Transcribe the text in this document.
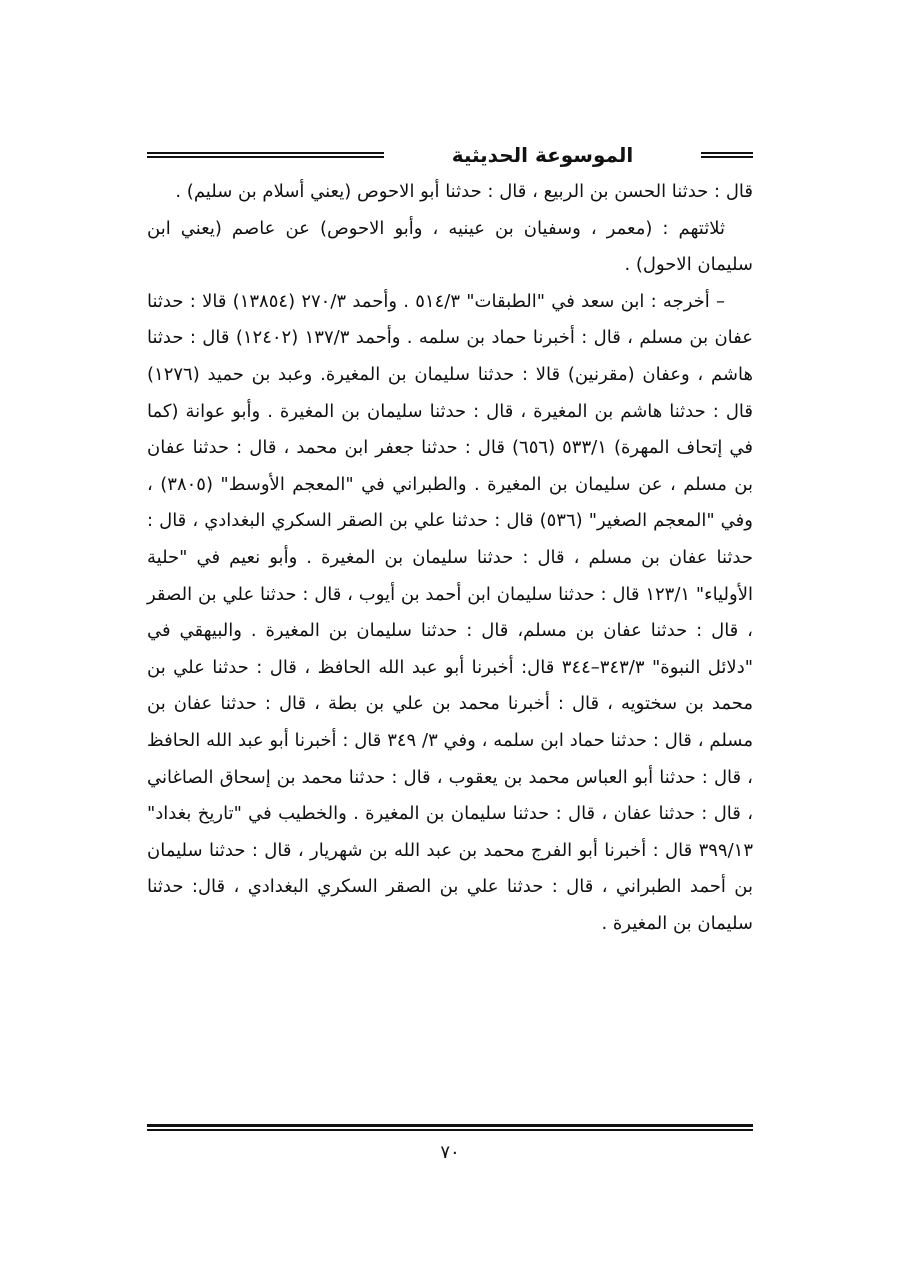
الموسوعة الحديثية

قال : حدثنا الحسن بن الربيع ، قال : حدثنا أبو الاحوص (يعني أسلام بن سليم) .

ثلاثتهم : (معمر ، وسفيان بن عينيه ، وأبو الاحوص) عن عاصم (يعني ابن سليمان الاحول) .

– أخرجه : ابن سعد في "الطبقات" ٥١٤/٣ . وأحمد ٢٧٠/٣ (١٣٨٥٤) قالا : حدثنا عفان بن مسلم ، قال : أخبرنا حماد بن سلمه . وأحمد ١٣٧/٣ (١٢٤٠٢) قال : حدثنا هاشم ، وعفان (مقرنين) قالا : حدثنا سليمان بن المغيرة. وعبد بن حميد (١٢٧٦) قال : حدثنا هاشم بن المغيرة ، قال : حدثنا سليمان بن المغيرة . وأبو عوانة (كما في إتحاف المهرة) ٥٣٣/١ (٦٥٦) قال : حدثنا جعفر ابن محمد ، قال : حدثنا عفان بن مسلم ، عن سليمان بن المغيرة . والطبراني في "المعجم الأوسط" (٣٨٠٥) ، وفي "المعجم الصغير" (٥٣٦) قال : حدثنا علي بن الصقر السكري البغدادي ، قال : حدثنا عفان بن مسلم ، قال : حدثنا سليمان بن المغيرة . وأبو نعيم في "حلية الأولياء" ١٢٣/١ قال : حدثنا سليمان ابن أحمد بن أيوب ، قال : حدثنا علي بن الصقر ، قال : حدثنا عفان بن مسلم، قال : حدثنا سليمان بن المغيرة . والبيهقي في "دلائل النبوة" ٣٤٣/٣–٣٤٤ قال: أخبرنا أبو عبد الله الحافظ ، قال : حدثنا علي بن محمد بن سختويه ، قال : أخبرنا محمد بن علي بن بطة ، قال : حدثنا عفان بن مسلم ، قال : حدثنا حماد ابن سلمه ، وفي ٣/ ٣٤٩ قال : أخبرنا أبو عبد الله الحافظ ، قال : حدثنا أبو العباس محمد بن يعقوب ، قال : حدثنا محمد بن إسحاق الصاغاني ، قال : حدثنا عفان ، قال : حدثنا سليمان بن المغيرة . والخطيب في "تاريخ بغداد" ٣٩٩/١٣ قال : أخبرنا أبو الفرج محمد بن عبد الله بن شهريار ، قال : حدثنا سليمان بن أحمد الطبراني ، قال : حدثنا علي بن الصقر السكري البغدادي ، قال: حدثنا سليمان بن المغيرة .

٧٠
